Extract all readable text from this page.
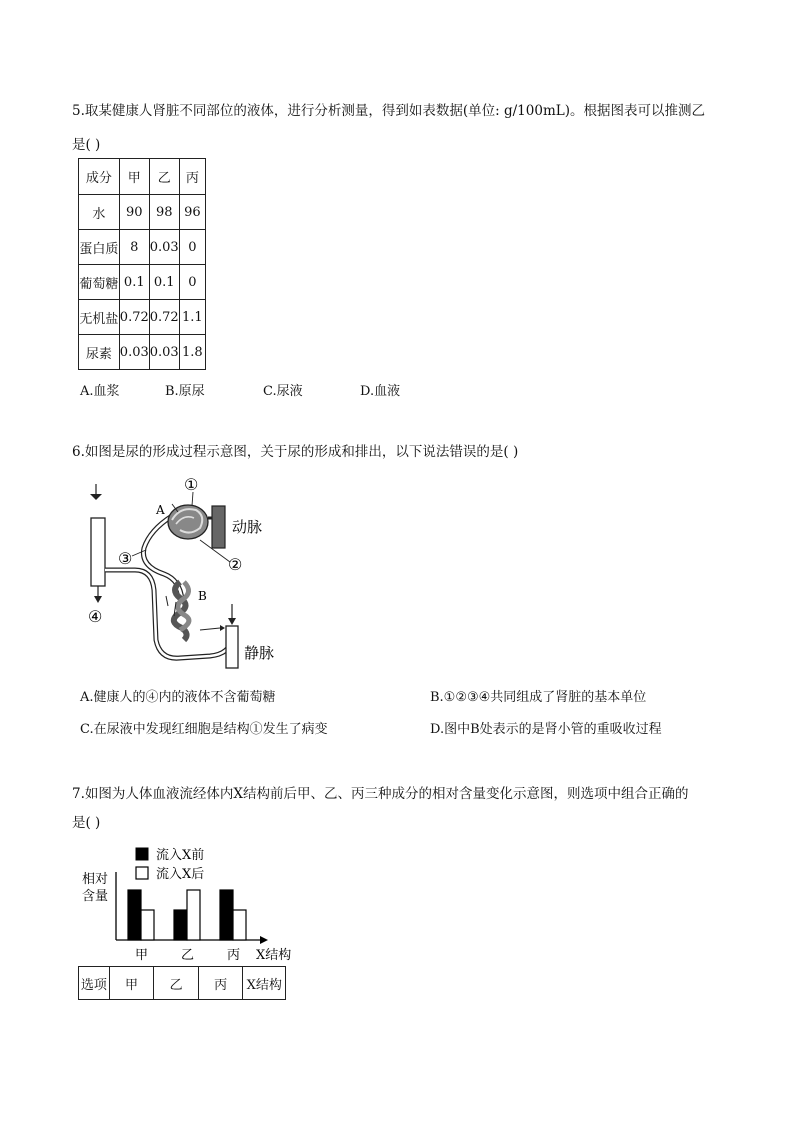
5.取某健康人肾脏不同部位的液体，进行分析测量，得到如表数据(单位: g/100mL)。根据图表可以推测乙
是( )
成分	甲	乙	丙
水	90	98	96
蛋白质	8	0.03	0
葡萄糖	0.1	0.1	0
无机盐	0.72	0.72	1.1
尿素	0.03	0.03	1.8
A.血浆	B.原尿	C.尿液	D.血液
6.如图是尿的形成过程示意图，关于尿的形成和排出，以下说法错误的是( )
①
A
动脉
③	②
B
④
静脉
A.健康人的④内的液体不含葡萄糖	B.①②③④共同组成了肾脏的基本单位
C.在尿液中发现红细胞是结构①发生了病变	D.图中B处表示的是肾小管的重吸收过程
7.如图为人体血液流经体内X结构前后甲、乙、丙三种成分的相对含量变化示意图，则选项中组合正确的
是( )
流入X前
流入X后
相对
含量
甲	乙	丙 X结构
选项	甲	乙	丙	X结构
